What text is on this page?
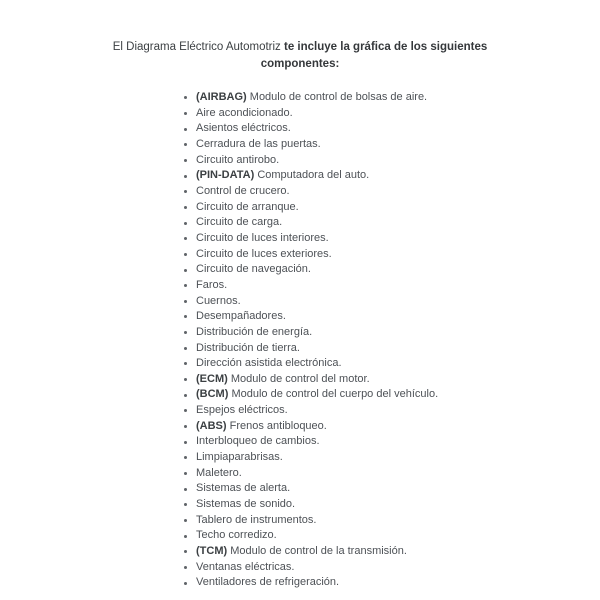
El Diagrama Eléctrico Automotriz te incluye la gráfica de los siguientes
componentes:
(AIRBAG) Modulo de control de bolsas de aire.
Aire acondicionado.
Asientos eléctricos.
Cerradura de las puertas.
Circuito antirobo.
(PIN-DATA) Computadora del auto.
Control de crucero.
Circuito de arranque.
Circuito de carga.
Circuito de luces interiores.
Circuito de luces exteriores.
Circuito de navegación.
Faros.
Cuernos.
Desempañadores.
Distribución de energía.
Distribución de tierra.
Dirección asistida electrónica.
(ECM) Modulo de control del motor.
(BCM) Modulo de control del cuerpo del vehículo.
Espejos eléctricos.
(ABS) Frenos antibloqueo.
Interbloqueo de cambios.
Limpiaparabrisas.
Maletero.
Sistemas de alerta.
Sistemas de sonido.
Tablero de instrumentos.
Techo corredizo.
(TCM) Modulo de control de la transmisión.
Ventanas eléctricas.
Ventiladores de refrigeración.
